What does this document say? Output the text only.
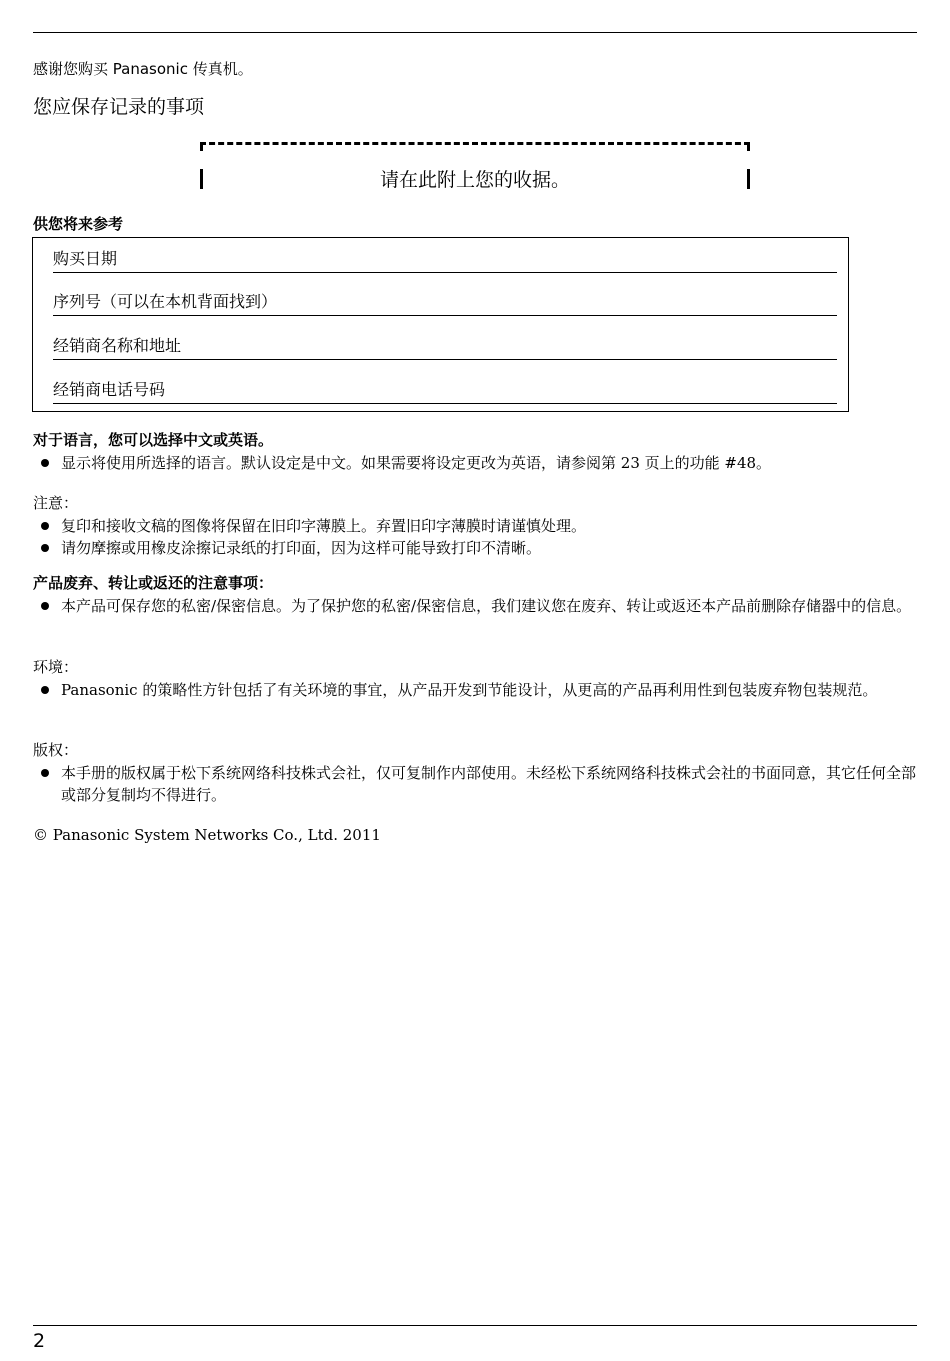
感谢您购买 Panasonic 传真机。
您应保存记录的事项
请在此附上您的收据。
供您将来参考
购买日期
序列号（可以在本机背面找到）
经销商名称和地址
经销商电话号码
对于语言，您可以选择中文或英语。
显示将使用所选择的语言。默认设定是中文。如果需要将设定更改为英语，请参阅第 23 页上的功能 #48。
注意：
复印和接收文稿的图像将保留在旧印字薄膜上。弃置旧印字薄膜时请谨慎处理。
请勿摩擦或用橡皮涂擦记录纸的打印面，因为这样可能导致打印不清晰。
产品废弃、转让或返还的注意事项：
本产品可保存您的私密/保密信息。为了保护您的私密/保密信息，我们建议您在废弃、转让或返还本产品前删除存储器中的信息。
环境：
Panasonic 的策略性方针包括了有关环境的事宜，从产品开发到节能设计，从更高的产品再利用性到包装废弃物包装规范。
版权：
本手册的版权属于松下系统网络科技株式会社，仅可复制作内部使用。未经松下系统网络科技株式会社的书面同意，其它任何全部或部分复制均不得进行。
© Panasonic System Networks Co., Ltd. 2011
2
